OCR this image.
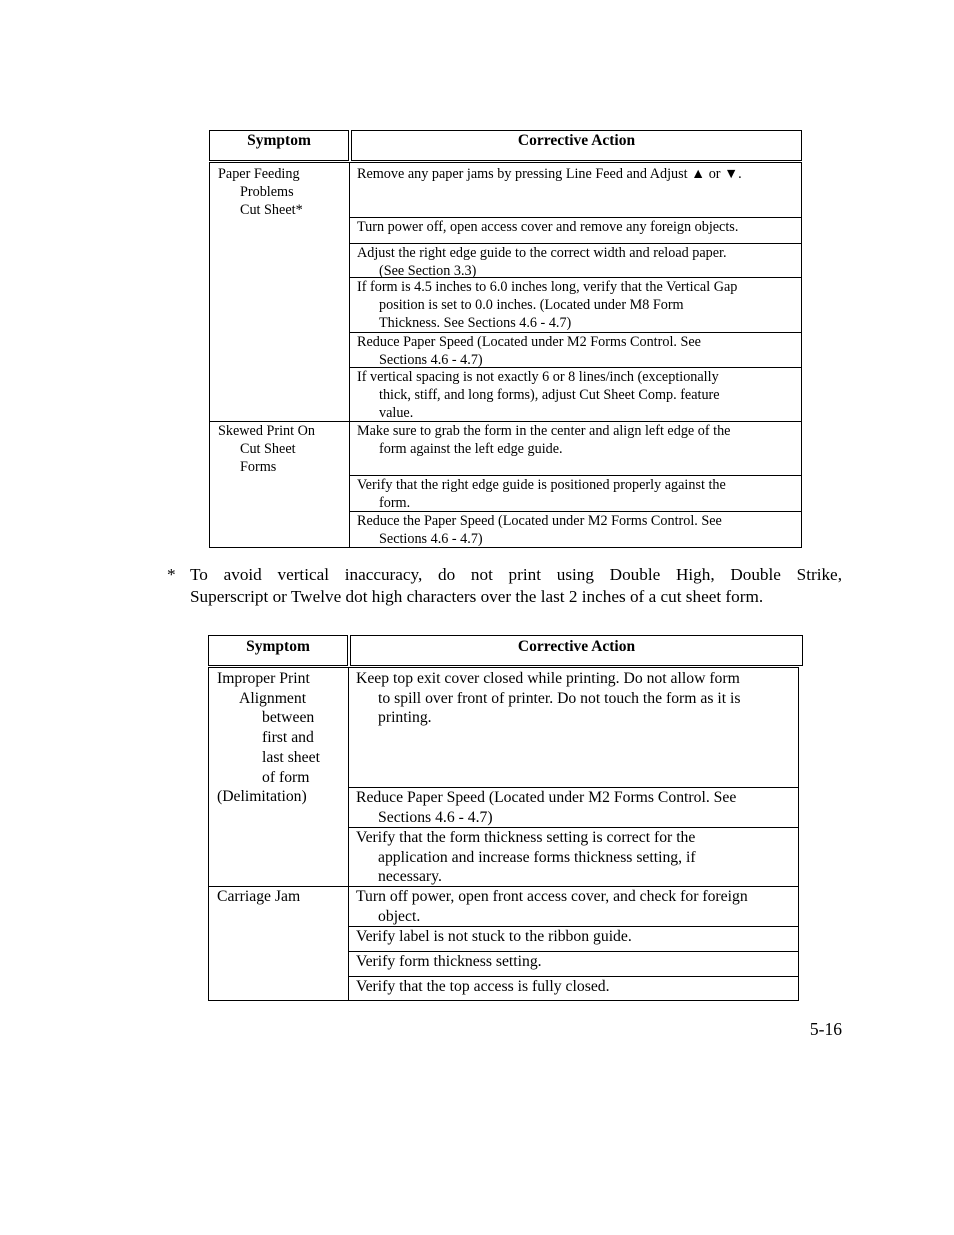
Symptom	Corrective Action
Paper Feeding
Problems
Cut Sheet*
Skewed Print On
Cut Sheet
Forms
Remove any paper jams by pressing Line Feed and Adjust ▲ or ▼.
Turn power off, open access cover and remove any foreign objects.
Adjust the right edge guide to the correct width and reload paper.
(See Section 3.3)
If form is 4.5 inches to 6.0 inches long, verify that the Vertical Gap
position is set to 0.0 inches. (Located under M8 Form
Thickness. See Sections 4.6 - 4.7)
Reduce Paper Speed (Located under M2 Forms Control. See
Sections 4.6 - 4.7)
If vertical spacing is not exactly 6 or 8 lines/inch (exceptionally
thick, stiff, and long forms), adjust Cut Sheet Comp. feature
value.
Make sure to grab the form in the center and align left edge of the
form against the left edge guide.
Verify that the right edge guide is positioned properly against the
form.
Reduce the Paper Speed (Located under M2 Forms Control. See
Sections 4.6 - 4.7)
* To avoid vertical inaccuracy, do not print using Double High, Double Strike,
Superscript or Twelve dot high characters over the last 2 inches of a cut sheet form.
Symptom	Corrective Action
Improper Print
Alignment
between
first and
last sheet
of form
(Delimitation)
Carriage Jam
Keep top exit cover closed while printing. Do not allow form
to spill over front of printer. Do not touch the form as it is
printing.
Reduce Paper Speed (Located under M2 Forms Control. See
Sections 4.6 - 4.7)
Verify that the form thickness setting is correct for the
application and increase forms thickness setting, if
necessary.
Turn off power, open front access cover, and check for foreign
object.
Verify label is not stuck to the ribbon guide.
Verify form thickness setting.
Verify that the top access is fully closed.
5-16
